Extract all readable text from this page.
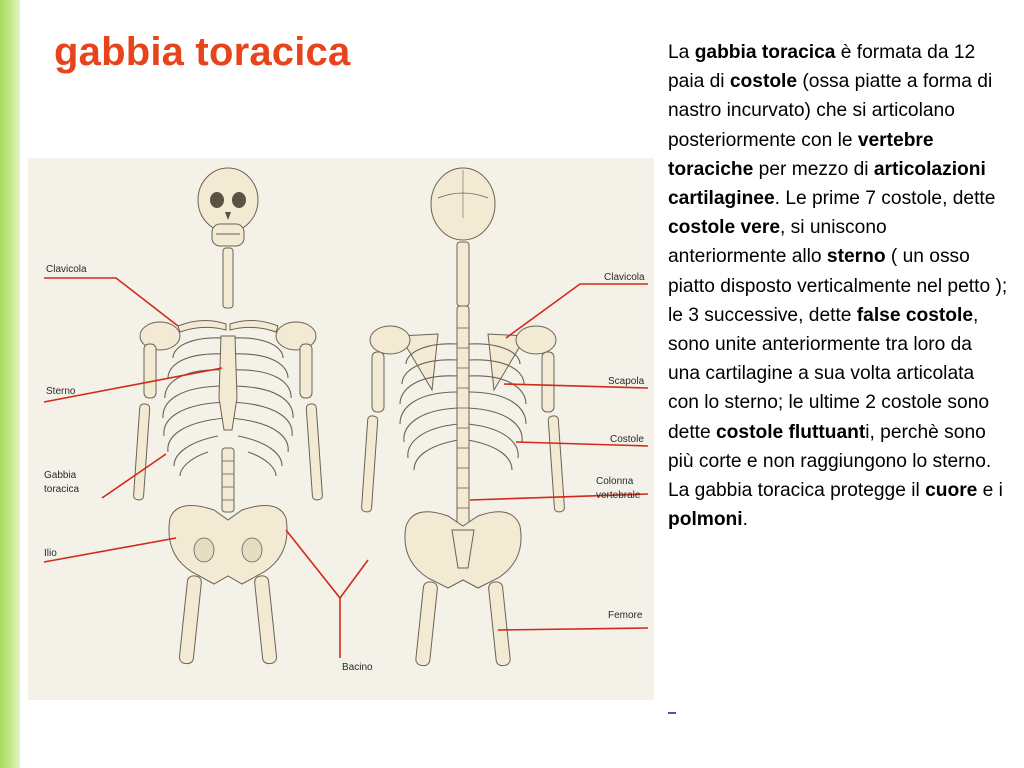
gabbia toracica
Clavicola
Sterno
Gabbia
toracica
Ilio
Bacino
Clavicola
Scapola
Costole
Colonna
vertebrale
Femore
La gabbia toracica è formata da 12 paia di costole (ossa piatte a forma di nastro incurvato) che si articolano posteriormente con le vertebre toraciche per mezzo di articolazioni cartilaginee. Le prime 7 costole, dette costole vere, si uniscono anteriormente allo sterno ( un osso piatto disposto verticalmente nel petto ); le 3 successive, dette false costole, sono unite anteriormente tra loro da una cartilagine a sua volta articolata con lo sterno; le ultime 2 costole sono dette costole fluttuanti, perchè sono più corte e non raggiungono lo sterno. La gabbia toracica protegge il cuore e i polmoni.
